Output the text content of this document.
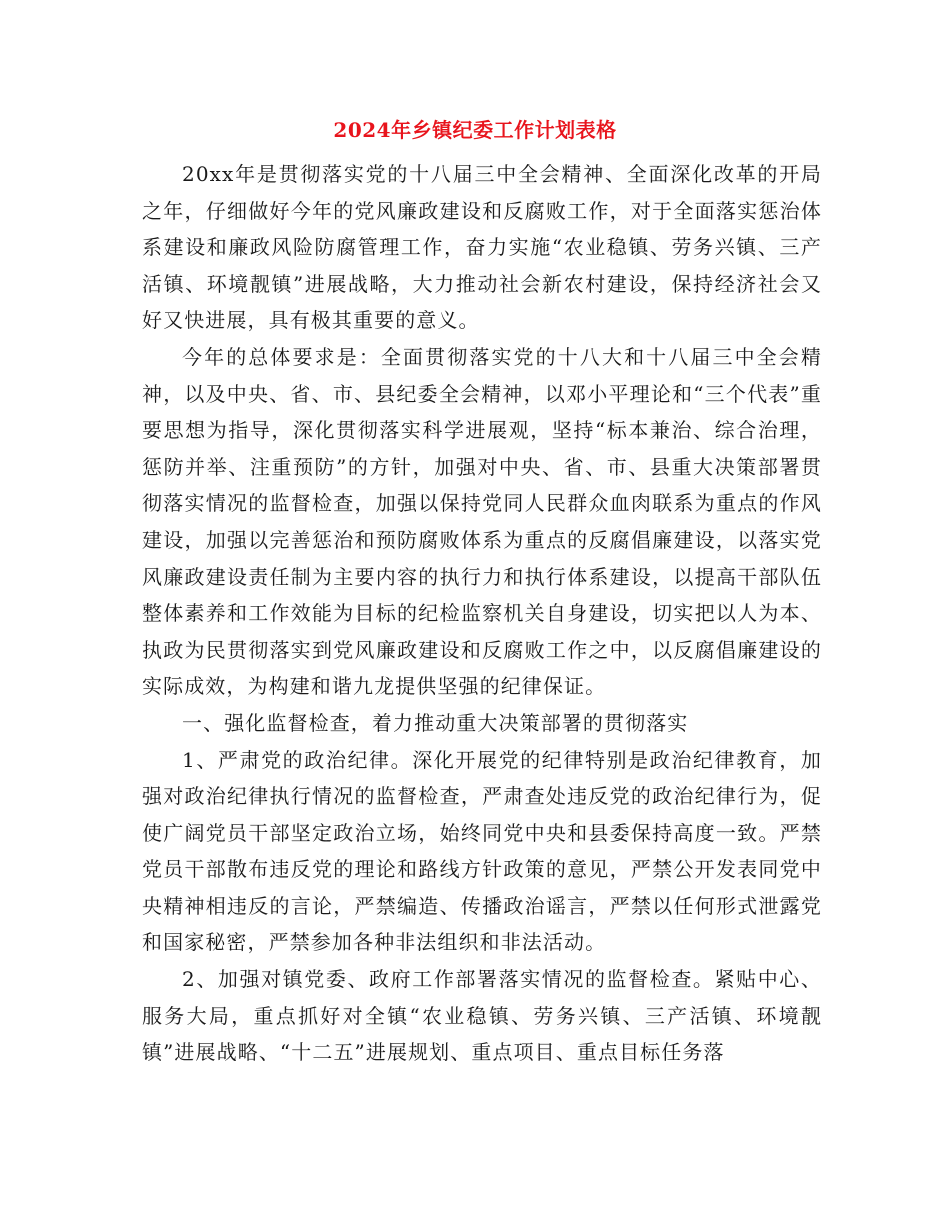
2024年乡镇纪委工作计划表格

20xx年是贯彻落实党的十八届三中全会精神、全面深化改革的开局之年，仔细做好今年的党风廉政建设和反腐败工作，对于全面落实惩治体系建设和廉政风险防腐管理工作，奋力实施“农业稳镇、劳务兴镇、三产活镇、环境靓镇”进展战略，大力推动社会新农村建设，保持经济社会又好又快进展，具有极其重要的意义。

今年的总体要求是：全面贯彻落实党的十八大和十八届三中全会精神，以及中央、省、市、县纪委全会精神，以邓小平理论和“三个代表”重要思想为指导，深化贯彻落实科学进展观，坚持“标本兼治、综合治理，惩防并举、注重预防”的方针，加强对中央、省、市、县重大决策部署贯彻落实情况的监督检查，加强以保持党同人民群众血肉联系为重点的作风建设，加强以完善惩治和预防腐败体系为重点的反腐倡廉建设，以落实党风廉政建设责任制为主要内容的执行力和执行体系建设，以提高干部队伍整体素养和工作效能为目标的纪检监察机关自身建设，切实把以人为本、执政为民贯彻落实到党风廉政建设和反腐败工作之中，以反腐倡廉建设的实际成效，为构建和谐九龙提供坚强的纪律保证。

一、强化监督检查，着力推动重大决策部署的贯彻落实

1、严肃党的政治纪律。深化开展党的纪律特别是政治纪律教育，加强对政治纪律执行情况的监督检查，严肃查处违反党的政治纪律行为，促使广阔党员干部坚定政治立场，始终同党中央和县委保持高度一致。严禁党员干部散布违反党的理论和路线方针政策的意见，严禁公开发表同党中央精神相违反的言论，严禁编造、传播政治谣言，严禁以任何形式泄露党和国家秘密，严禁参加各种非法组织和非法活动。

2、加强对镇党委、政府工作部署落实情况的监督检查。紧贴中心、服务大局，重点抓好对全镇“农业稳镇、劳务兴镇、三产活镇、环境靓镇”进展战略、“十二五”进展规划、重点项目、重点目标任务落
